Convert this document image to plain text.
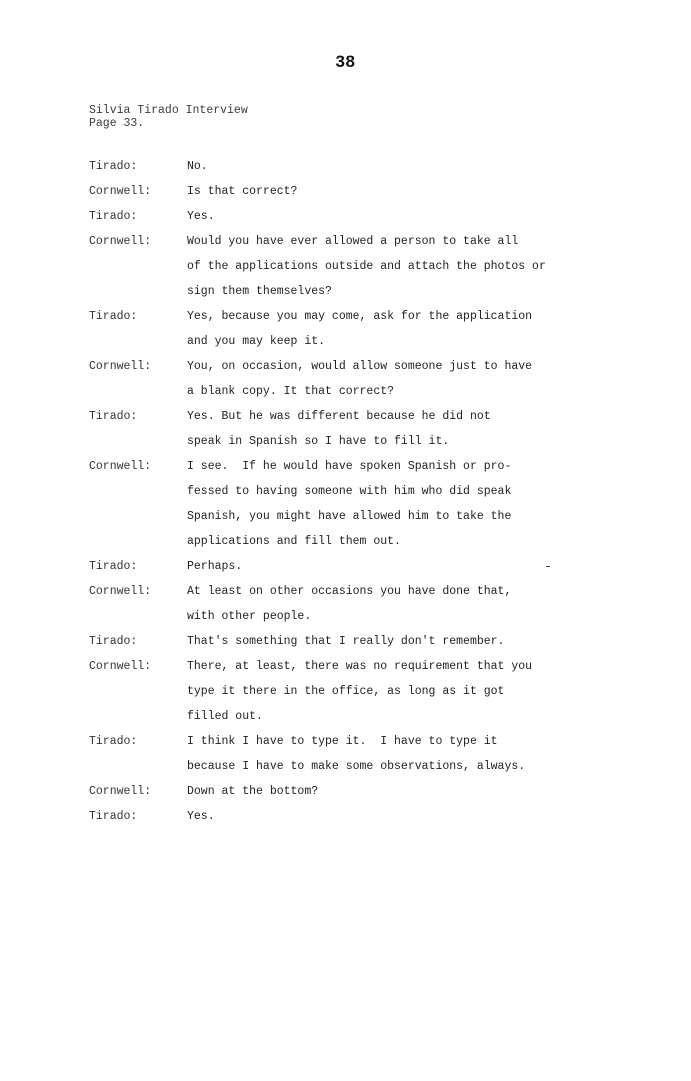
38
Silvia Tirado Interview
Page 33.
Tirado:	No.
Cornwell:	Is that correct?
Tirado:	Yes.
Cornwell:	Would you have ever allowed a person to take all
of the applications outside and attach the photos or
sign them themselves?
Tirado:	Yes, because you may come, ask for the application
and you may keep it.
Cornwell:	You, on occasion, would allow someone just to have
a blank copy. It that correct?
Tirado:	Yes. But he was different because he did not
speak in Spanish so I have to fill it.
Cornwell:	I see.  If he would have spoken Spanish or pro-
fessed to having someone with him who did speak
Spanish, you might have allowed him to take the
applications and fill them out.
Tirado:	Perhaps.
Cornwell:	At least on other occasions you have done that,
with other people.
Tirado:	That's something that I really don't remember.
Cornwell:	There, at least, there was no requirement that you
type it there in the office, as long as it got
filled out.
Tirado:	I think I have to type it.  I have to type it
because I have to make some observations, always.
Cornwell:	Down at the bottom?
Tirado:	Yes.
